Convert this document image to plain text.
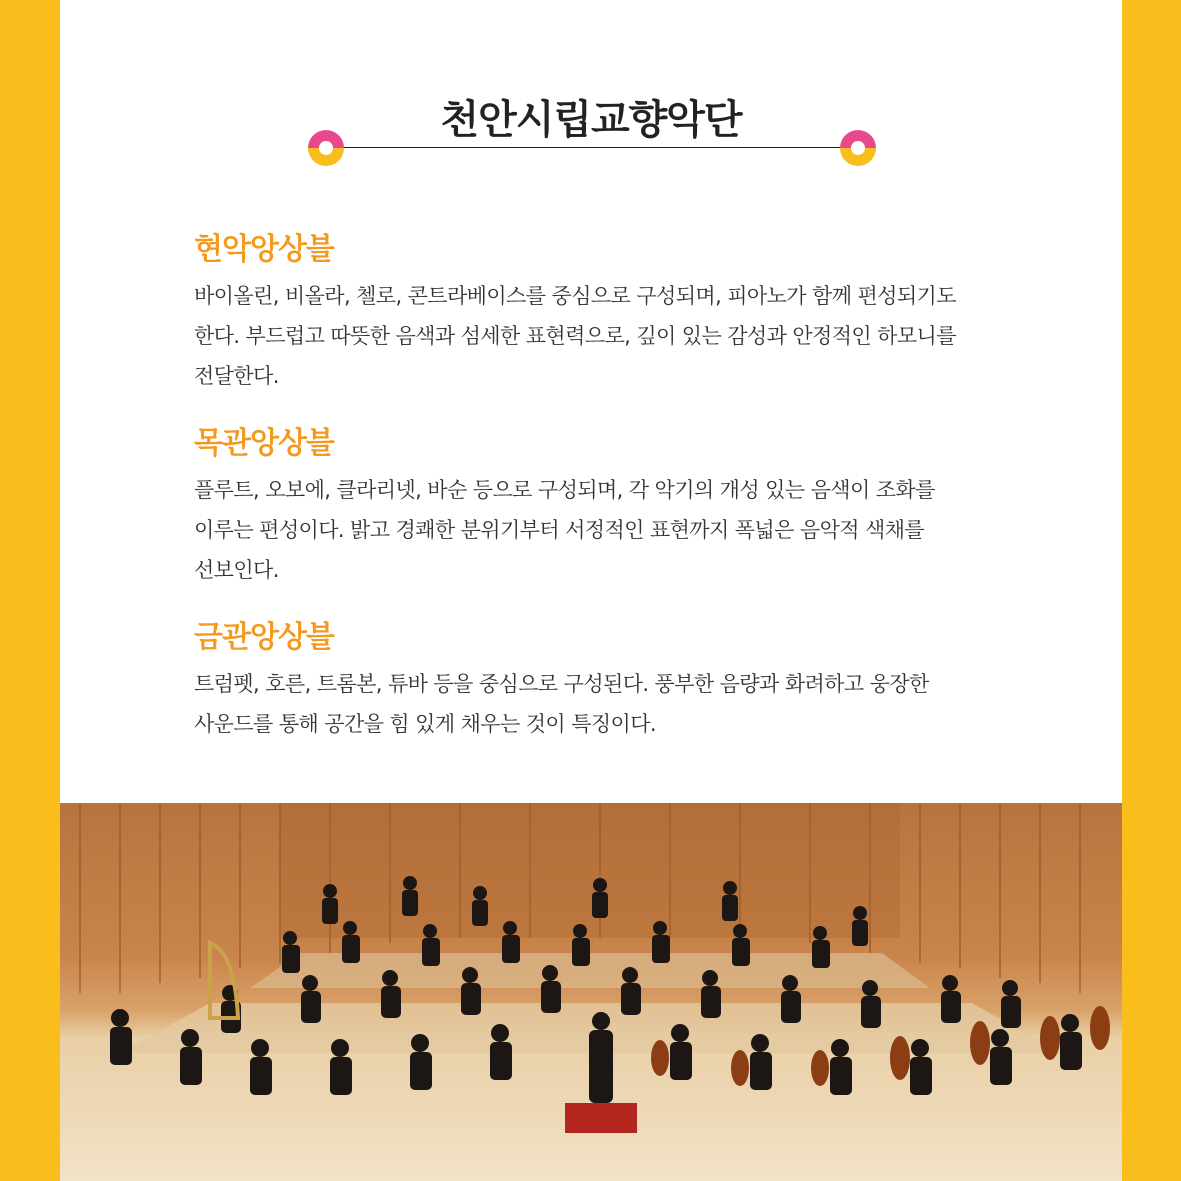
천안시립교향악단
현악앙상블

바이올린, 비올라, 첼로, 콘트라베이스를 중심으로 구성되며, 피아노가 함께 편성되기도 한다. 부드럽고 따뜻한 음색과 섬세한 표현력으로, 깊이 있는 감성과 안정적인 하모니를 전달한다.

목관앙상블

플루트, 오보에, 클라리넷, 바순 등으로 구성되며, 각 악기의 개성 있는 음색이 조화를 이루는 편성이다. 밝고 경쾌한 분위기부터 서정적인 표현까지 폭넓은 음악적 색채를 선보인다.

금관앙상블

트럼펫, 호른, 트롬본, 튜바 등을 중심으로 구성된다. 풍부한 음량과 화려하고 웅장한 사운드를 통해 공간을 힘 있게 채우는 것이 특징이다.
